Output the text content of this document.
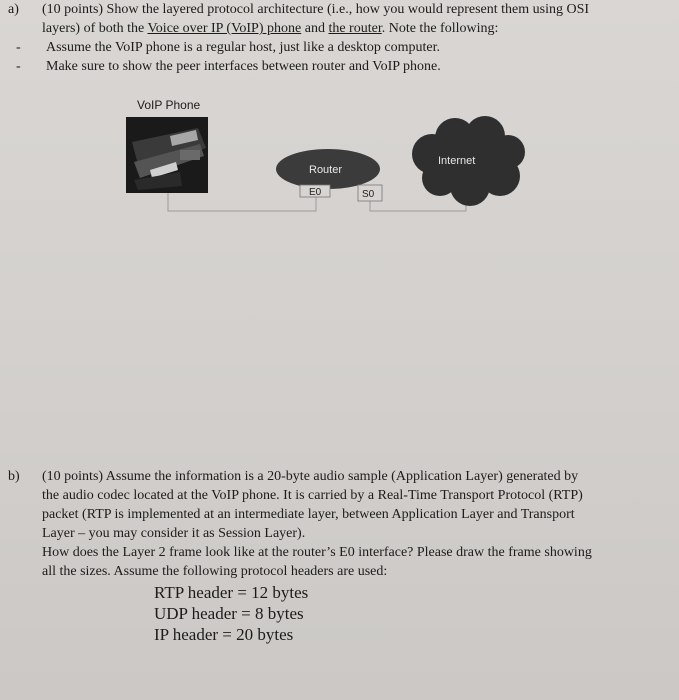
a)	(10 points) Show the layered protocol architecture (i.e., how you would represent them using OSI
layers) of both the Voice over IP (VoIP) phone and the router. Note the following:
-	Assume the VoIP phone is a regular host, just like a desktop computer.
-	Make sure to show the peer interfaces between router and VoIP phone.
VoIP Phone
Router
E0	S0
Internet
b)	(10 points) Assume the information is a 20-byte audio sample (Application Layer) generated by
the audio codec located at the VoIP phone. It is carried by a Real-Time Transport Protocol (RTP)
packet (RTP is implemented at an intermediate layer, between Application Layer and Transport
Layer – you may consider it as Session Layer).
How does the Layer 2 frame look like at the router’s E0 interface? Please draw the frame showing
all the sizes. Assume the following protocol headers are used:
RTP header = 12 bytes
UDP header = 8 bytes
IP header = 20 bytes
